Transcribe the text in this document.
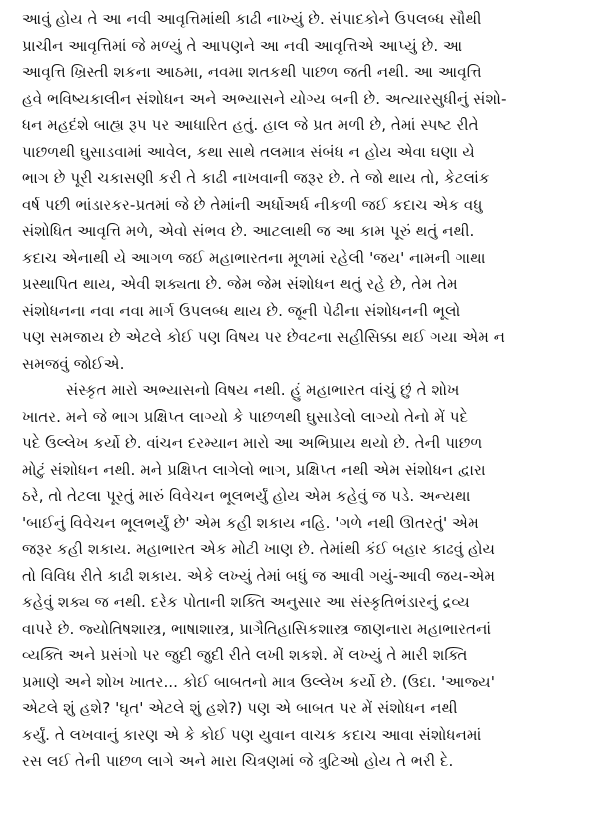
આવું હોય તે આ નવી આવૃત્તિમાંથી કાઢી નાખ્યું છે. સંપાદકોને ઉપલબ્ધ સૌથી
પ્રાચીન આવૃત્તિમાં જે મળ્યું તે આપણને આ નવી આવૃત્તિએ આપ્યું છે. આ
આવૃત્તિ ખ્રિસ્તી શકના આઠમા, નવમા શતકથી પાછળ જતી નથી. આ આવૃત્તિ
હવે ભવિષ્યકાલીન સંશોધન અને અભ્યાસને યોગ્ય બની છે. અત્યારસુધીનું સંશો-
ધન મહદંશે બાહ્ય રૂપ પર આધારિત હતું. હાલ જે પ્રત મળી છે, તેમાં સ્પષ્ટ રીતે
પાછળથી ઘુસાડવામાં આવેલ, કથા સાથે તલમાત્ર સંબંધ ન હોય એવા ઘણા યે
ભાગ છે પૂરી ચકાસણી કરી તે કાઢી નાખવાની જરૂર છે. તે જો થાય તો, કેટલાંક
વર્ષ પછી ભાંડારકર-પ્રતમાં જે છે તેમાંની અર્ધોઅર્ધ નીકળી જઈ કદાચ એક વધુ
સંશોધિત આવૃત્તિ મળે, એવો સંભવ છે. આટલાથી જ આ કામ પૂરું થતું નથી.
કદાચ એનાથી યે આગળ જઈ મહાભારતના મૂળમાં રહેલી 'જય' નામની ગાથા
પ્રસ્થાપિત થાય, એવી શક્યતા છે. જેમ જેમ સંશોધન થતું રહે છે, તેમ તેમ
સંશોધનના નવા નવા માર્ગ ઉપલબ્ધ થાય છે. જૂની પેઢીના સંશોધનની ભૂલો
પણ સમજાય છે એટલે કોઈ પણ વિષય પર છેવટના સહીસિક્કા થઈ ગયા એમ ન
સમજવું જોઈએ.
સંસ્કૃત મારો અભ્યાસનો વિષય નથી. હું મહાભારત વાંચું છું તે શોખ
ખાતર. મને જે ભાગ પ્રક્ષિપ્ત લાગ્યો કે પાછળથી ઘુસાડેલો લાગ્યો તેનો મેં પદે
પદે ઉલ્લેખ કર્યો છે. વાંચન દરમ્યાન મારો આ અભિપ્રાય થયો છે. તેની પાછળ
મોટું સંશોધન નથી. મને પ્રક્ષિપ્ત લાગેલો ભાગ, પ્રક્ષિપ્ત નથી એમ સંશોધન દ્વારા
ઠરે, તો તેટલા પૂરતું મારું વિવેચન ભૂલભર્યું હોય એમ કહેવું જ પડે. અન્યથા
'બાઈનું વિવેચન ભૂલભર્યું છે' એમ કહી શકાય નહિ. 'ગળે નથી ઊતરતું' એમ
જરૂર કહી શકાય. મહાભારત એક મોટી ખાણ છે. તેમાંથી કંઈ બહાર કાઢવું હોય
તો વિવિધ રીતે કાઢી શકાય. એકે લખ્યું તેમાં બધું જ આવી ગયું-આવી જય-એમ
કહેવું શક્ય જ નથી. દરેક પોતાની શક્તિ અનુસાર આ સંસ્કૃતિભંડારનું દ્રવ્ય
વાપરે છે. જ્યોતિષશાસ્ત્ર, ભાષાશાસ્ત્ર, પ્રાગૈતિહાસિકશાસ્ત્ર જાણનારા મહાભારતનાં
વ્યક્તિ અને પ્રસંગો પર જુદી જુદી રીતે લખી શકશે. મેં લખ્યું તે મારી શક્તિ
પ્રમાણે અને શોખ ખાતર... કોઈ બાબતનો માત્ર ઉલ્લેખ કર્યો છે. (ઉદા. 'આજ્ય'
એટલે શું હશે? 'ઘૃત' એટલે શું હશે?) પણ એ બાબત પર મેં સંશોધન નથી
કર્યું. તે લખવાનું કારણ એ કે કોઈ પણ યુવાન વાચક કદાચ આવા સંશોધનમાં
રસ લઈ તેની પાછળ લાગે અને મારા ચિત્રણમાં જે ત્રુટિઓ હોય તે ભરી દે.
